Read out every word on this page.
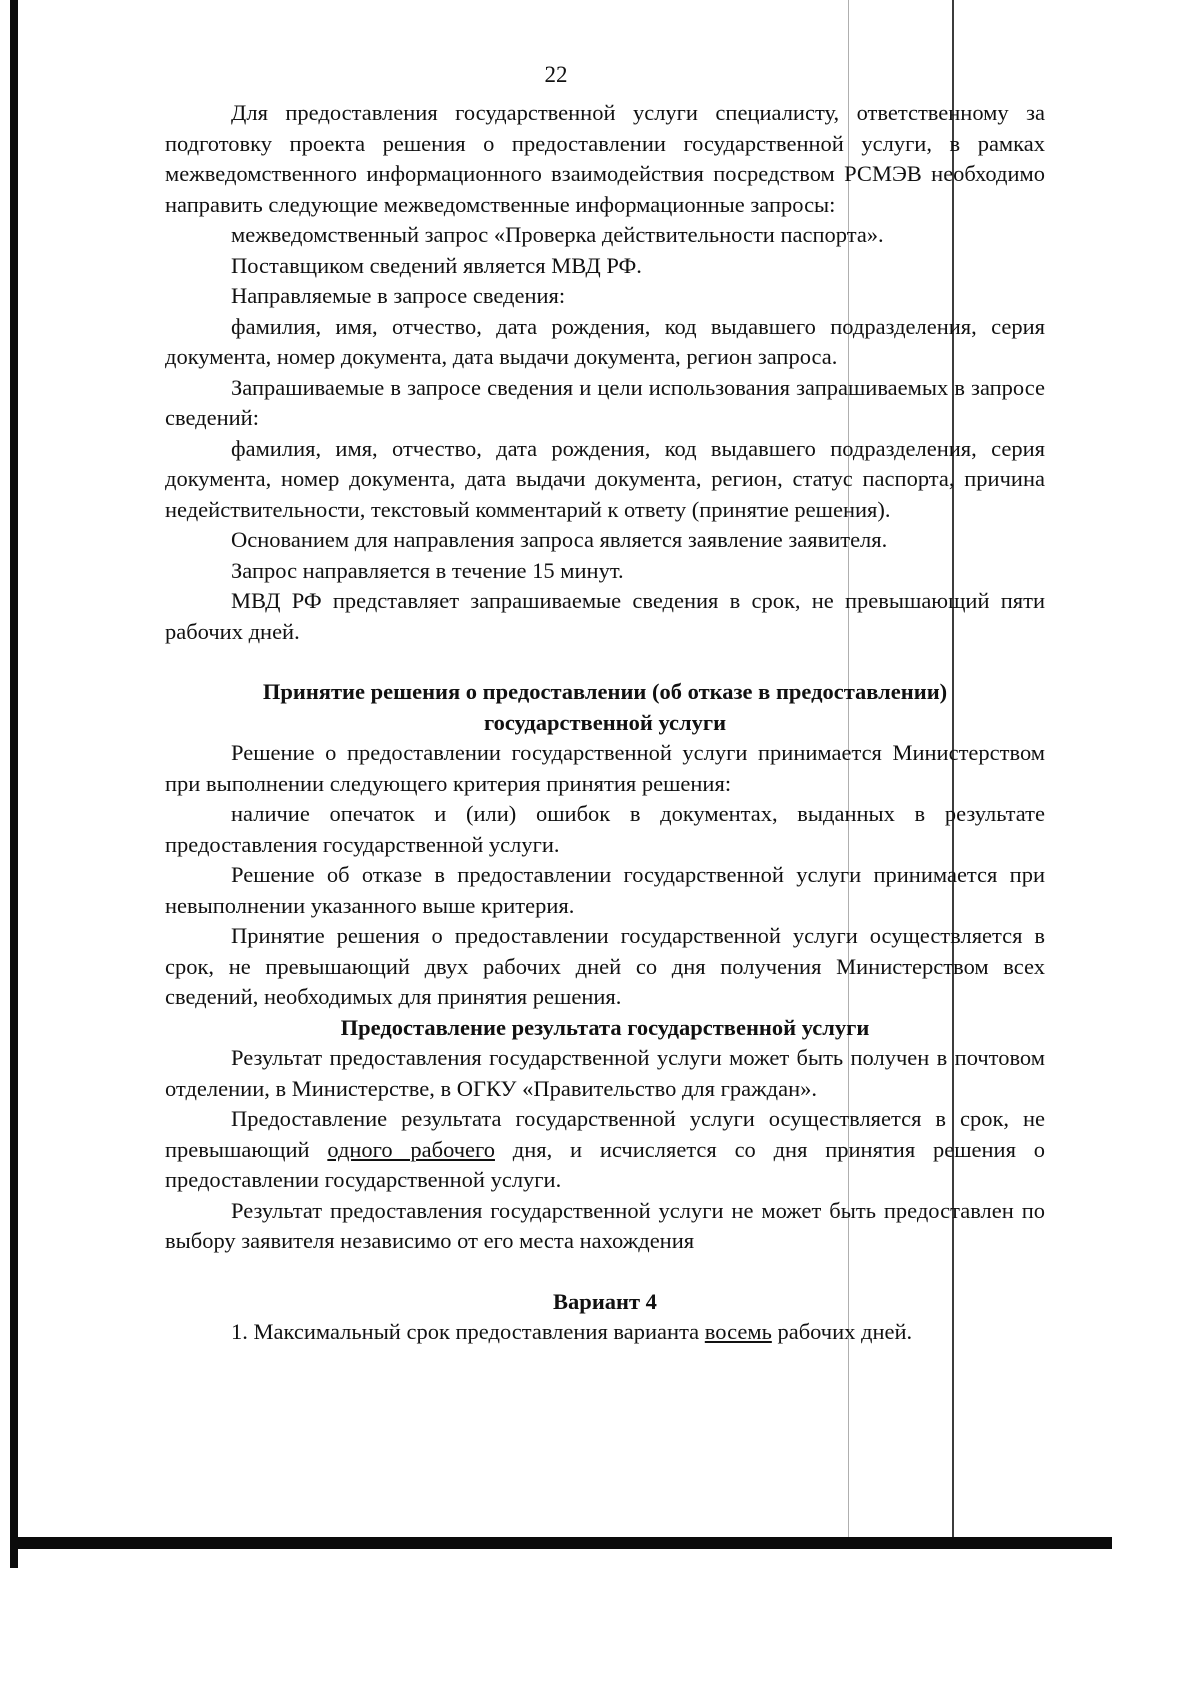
22

Для предоставления государственной услуги специалисту, ответственному за подготовку проекта решения о предоставлении государственной услуги, в рамках межведомственного информационного взаимодействия посредством РСМЭВ необходимо направить следующие межведомственные информационные запросы:

межведомственный запрос «Проверка действительности паспорта».

Поставщиком сведений является МВД РФ.

Направляемые в запросе сведения:

фамилия, имя, отчество, дата рождения, код выдавшего подразделения, серия документа, номер документа, дата выдачи документа, регион запроса.

Запрашиваемые в запросе сведения и цели использования запрашиваемых в запросе сведений:

фамилия, имя, отчество, дата рождения, код выдавшего подразделения, серия документа, номер документа, дата выдачи документа, регион, статус паспорта, причина недействительности, текстовый комментарий к ответу (принятие решения).

Основанием для направления запроса является заявление заявителя.

Запрос направляется в течение 15 минут.

МВД РФ представляет запрашиваемые сведения в срок, не превышающий пяти рабочих дней.

Принятие решения о предоставлении (об отказе в предоставлении)
государственной услуги

Решение о предоставлении государственной услуги принимается Министерством при выполнении следующего критерия принятия решения:

наличие опечаток и (или) ошибок в документах, выданных в результате предоставления государственной услуги.

Решение об отказе в предоставлении государственной услуги принимается при невыполнении указанного выше критерия.

Принятие решения о предоставлении государственной услуги осуществляется в срок, не превышающий двух рабочих дней со дня получения Министерством всех сведений, необходимых для принятия решения.

Предоставление результата государственной услуги

Результат предоставления государственной услуги может быть получен в почтовом отделении, в Министерстве, в ОГКУ «Правительство для граждан».

Предоставление результата государственной услуги осуществляется в срок, не превышающий одного рабочего дня, и исчисляется со дня принятия решения о предоставлении государственной услуги.

Результат предоставления государственной услуги не может быть предоставлен по выбору заявителя независимо от его места нахождения

Вариант 4

1. Максимальный срок предоставления варианта восемь рабочих дней.
